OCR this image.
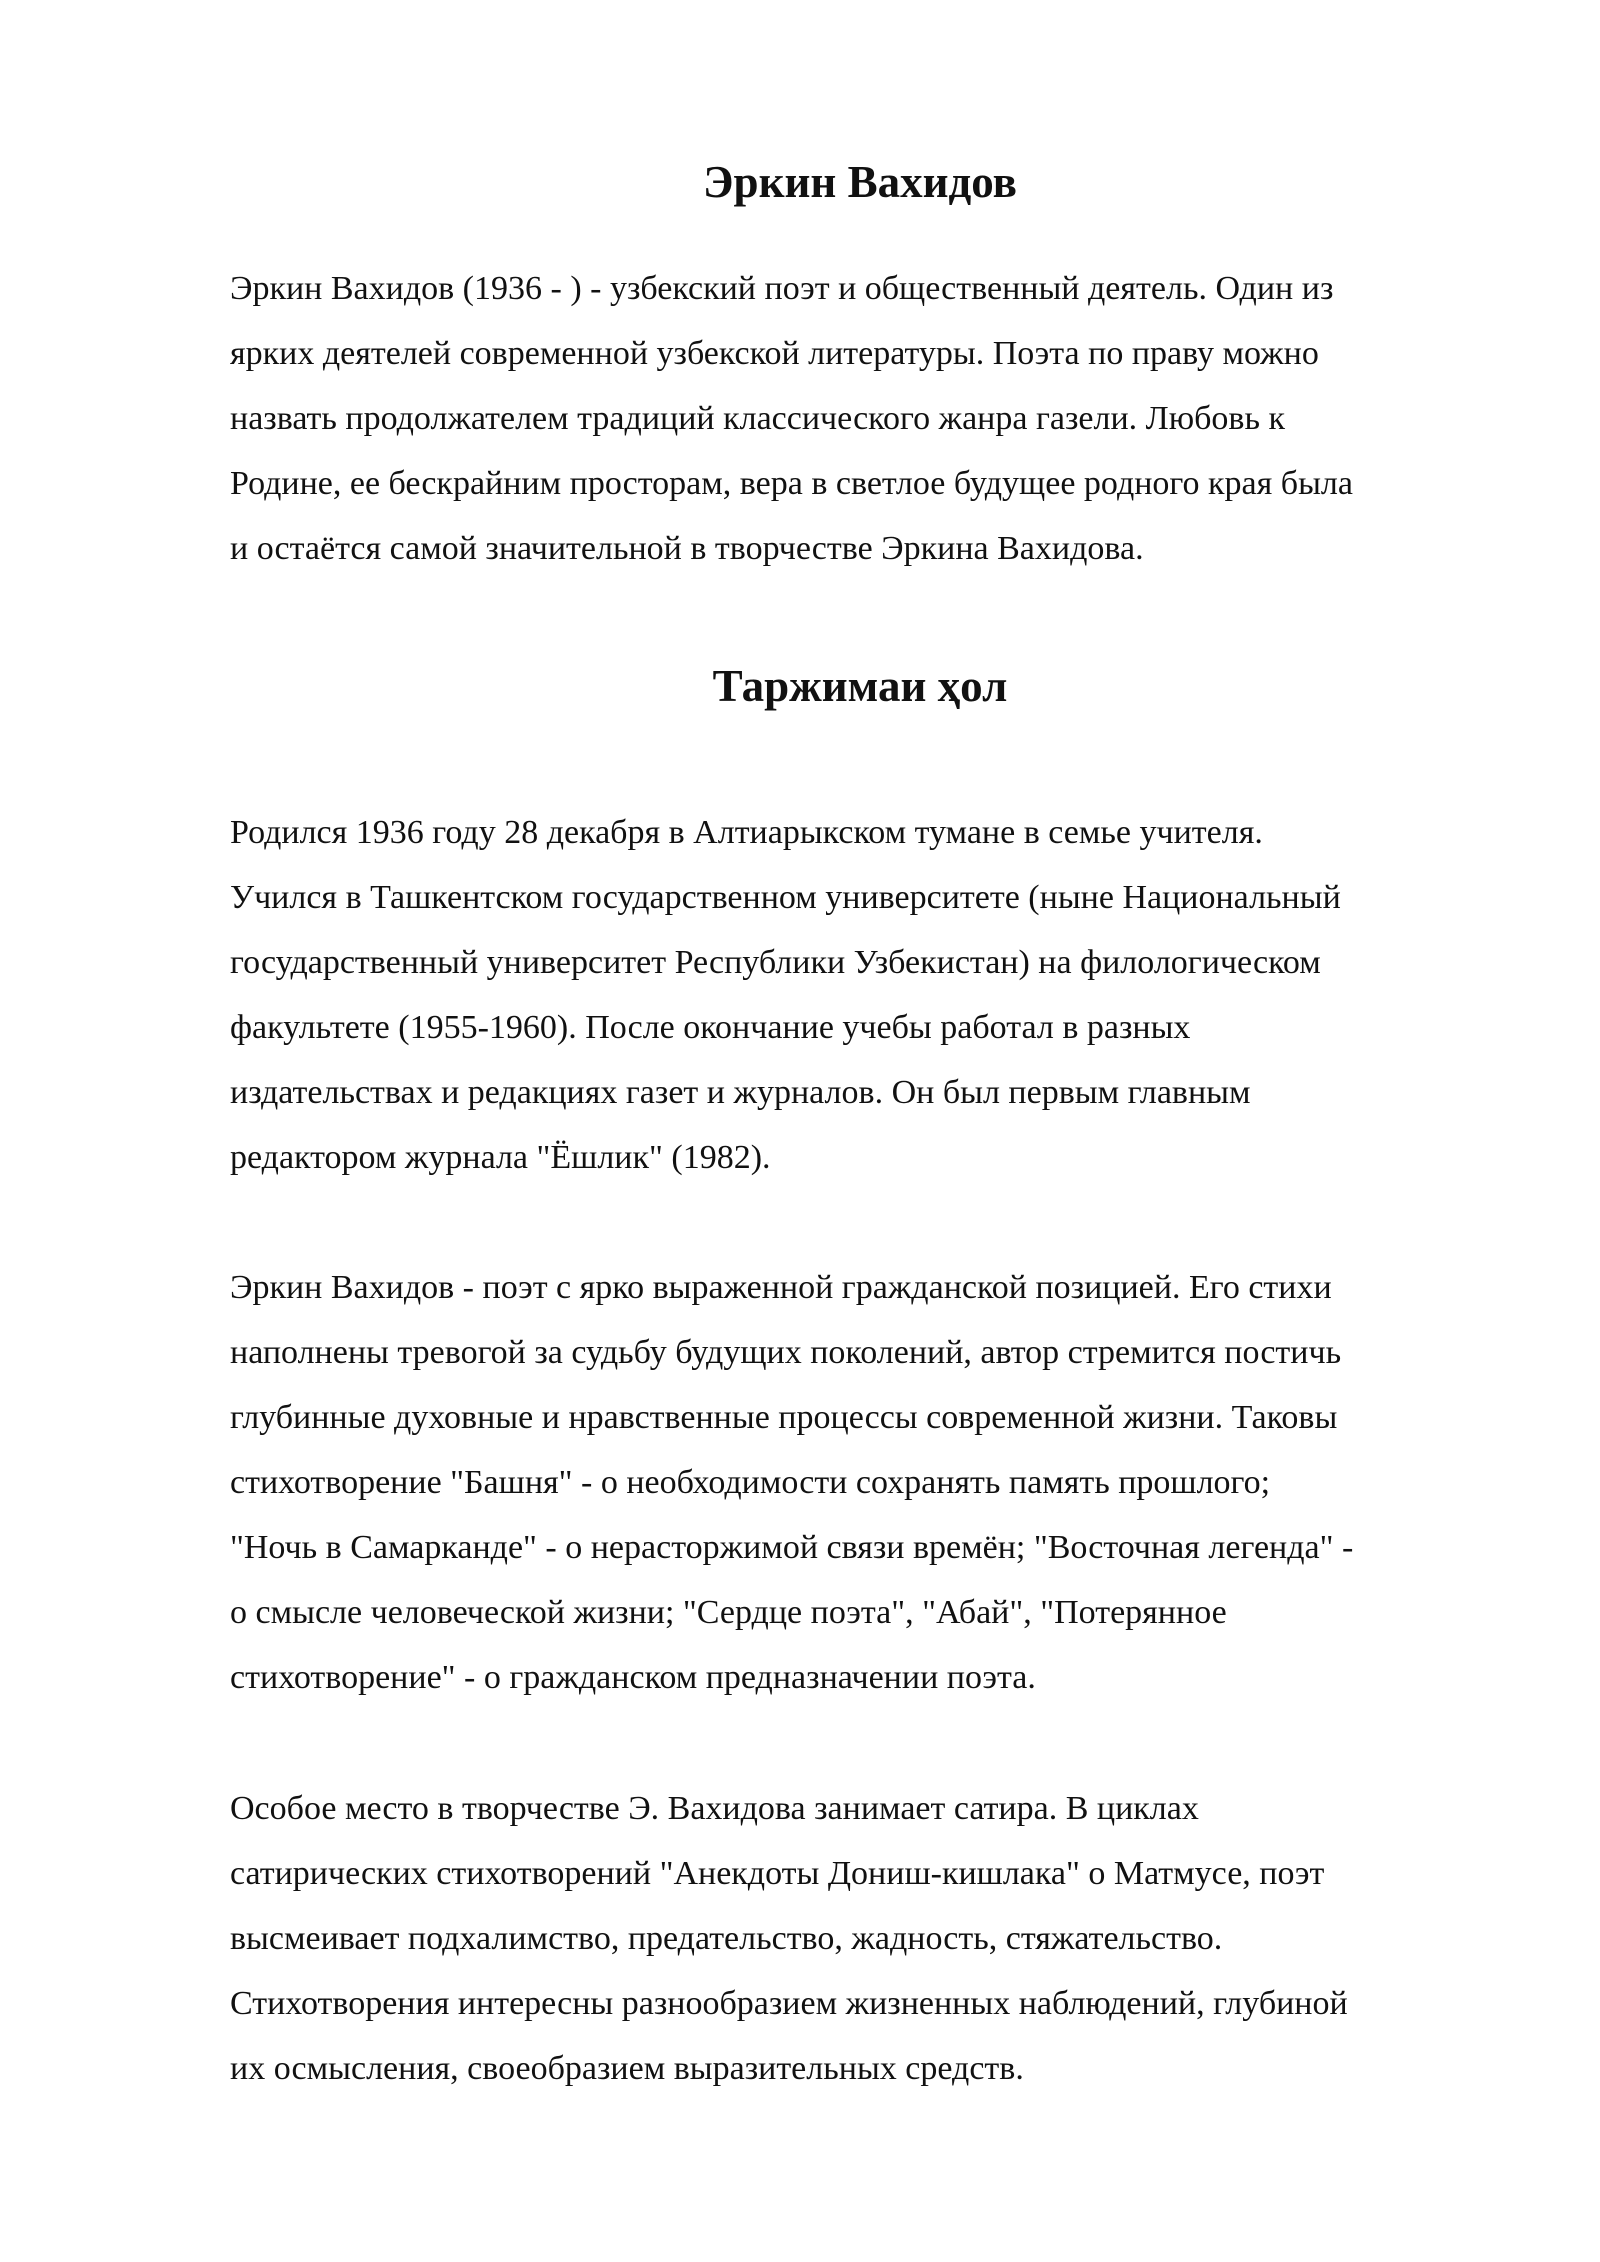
Эркин Вахидов

Эркин Вахидов (1936 - ) - узбекский поэт и общественный деятель. Один из
ярких деятелей современной узбекской литературы. Поэта по праву можно
назвать продолжателем традиций классического жанра газели. Любовь к
Родине, ее бескрайним просторам, вера в светлое будущее родного края была
и остаётся самой значительной в творчестве Эркина Вахидова.

Таржимаи ҳол

Родился 1936 году 28 декабря в Алтиарыкском тумане в семье учителя.
Учился в Ташкентском государственном университете (ныне Национальный
государственный университет Республики Узбекистан) на филологическом
факультете (1955-1960). После окончание учебы работал в разных
издательствах и редакциях газет и журналов. Он был первым главным
редактором журнала "Ёшлик" (1982).

Эркин Вахидов - поэт с ярко выраженной гражданской позицией. Его стихи
наполнены тревогой за судьбу будущих поколений, автор стремится постичь
глубинные духовные и нравственные процессы современной жизни. Таковы
стихотворение "Башня" - о необходимости сохранять память прошлого;
"Ночь в Самарканде" - о нерасторжимой связи времён; "Восточная легенда" -
о смысле человеческой жизни; "Сердце поэта", "Абай", "Потерянное
стихотворение" - о гражданском предназначении поэта.

Особое место в творчестве Э. Вахидова занимает сатира. В циклах
сатирических стихотворений "Анекдоты Дониш-кишлака" о Матмусе, поэт
высмеивает подхалимство, предательство, жадность, стяжательство.
Стихотворения интересны разнообразием жизненных наблюдений, глубиной
их осмысления, своеобразием выразительных средств.
